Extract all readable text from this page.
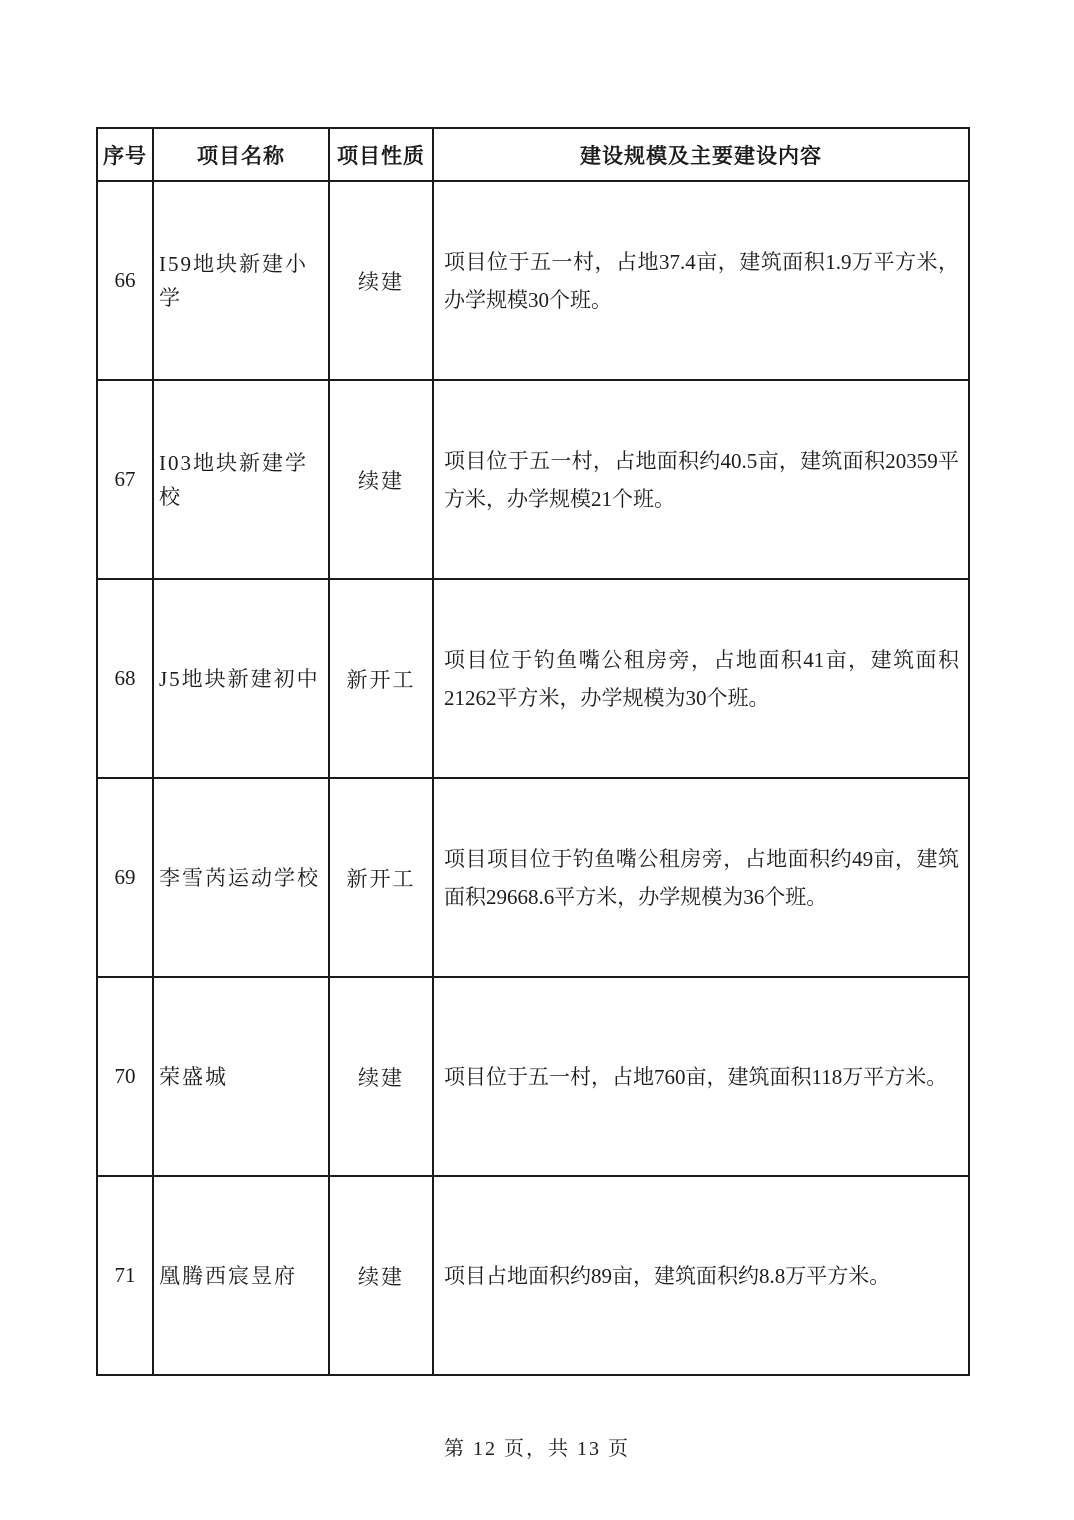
序号	项目名称	项目性质	建设规模及主要建设内容
66	I59地块新建小学	续建	项目位于五一村，占地37.4亩，建筑面积1.9万平方米，办学规模30个班。
67	I03地块新建学校	续建	项目位于五一村，占地面积约40.5亩，建筑面积20359平方米，办学规模21个班。
68	J5地块新建初中	新开工	项目位于钓鱼嘴公租房旁，占地面积41亩，建筑面积21262平方米，办学规模为30个班。
69	李雪芮运动学校	新开工	项目项目位于钓鱼嘴公租房旁，占地面积约49亩，建筑面积29668.6平方米，办学规模为36个班。
70	荣盛城	续建	项目位于五一村，占地760亩，建筑面积118万平方米。
71	凰腾西宸昱府	续建	项目占地面积约89亩，建筑面积约8.8万平方米。
第 12 页，共 13 页
